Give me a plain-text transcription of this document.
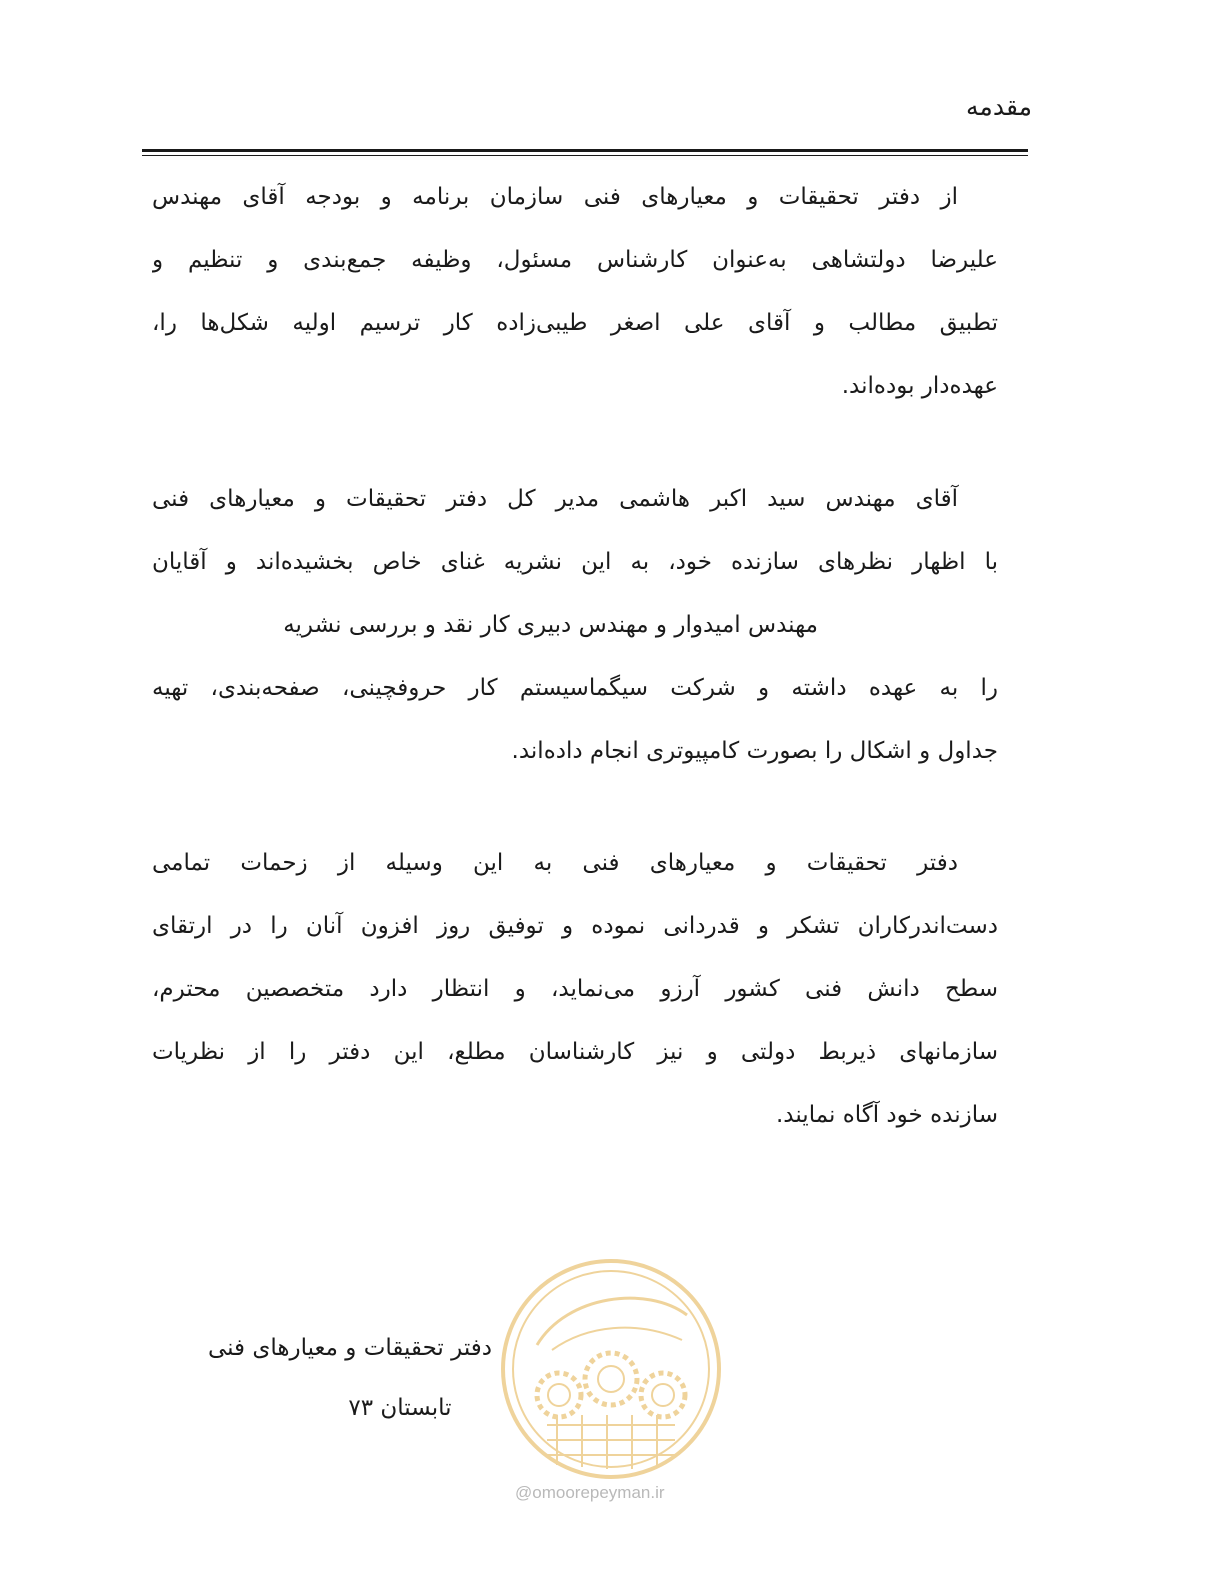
مقدمه
از دفتر تحقیقات و معیارهای فنی سازمان برنامه و بودجه آقای مهندس
علیرضا دولتشاهی به‌عنوان کارشناس مسئول، وظیفه جمع‌بندی و تنظیم و
تطبیق مطالب و آقای علی اصغر طیبی‌زاده کار ترسیم اولیه شکل‌ها را،
عهده‌دار بوده‌اند.
آقای مهندس سید اکبر هاشمی مدیر کل دفتر تحقیقات و معیارهای فنی
با اظهار نظرهای سازنده خود، به این نشریه غنای خاص بخشیده‌اند و آقایان
مهندس امیدوار و مهندس دبیری کار نقد و بررسی نشریه
را به عهده داشته و شرکت سیگماسیستم کار حروفچینی، صفحه‌بندی، تهیه
جداول و اشکال را بصورت کامپیوتری انجام داده‌اند.
دفتر تحقیقات و معیارهای فنی به این وسیله از زحمات تمامی
دست‌اندرکاران تشکر و قدردانی نموده و توفیق روز افزون آنان را در ارتقای
سطح دانش فنی کشور آرزو می‌نماید، و انتظار دارد متخصصین محترم،
سازمانهای ذیربط دولتی و نیز کارشناسان مطلع، این دفتر را از نظریات
سازنده خود آگاه نمایند.
دفتر تحقیقات و معیارهای فنی
تابستان ۷۳
@omoorepeyman.ir
